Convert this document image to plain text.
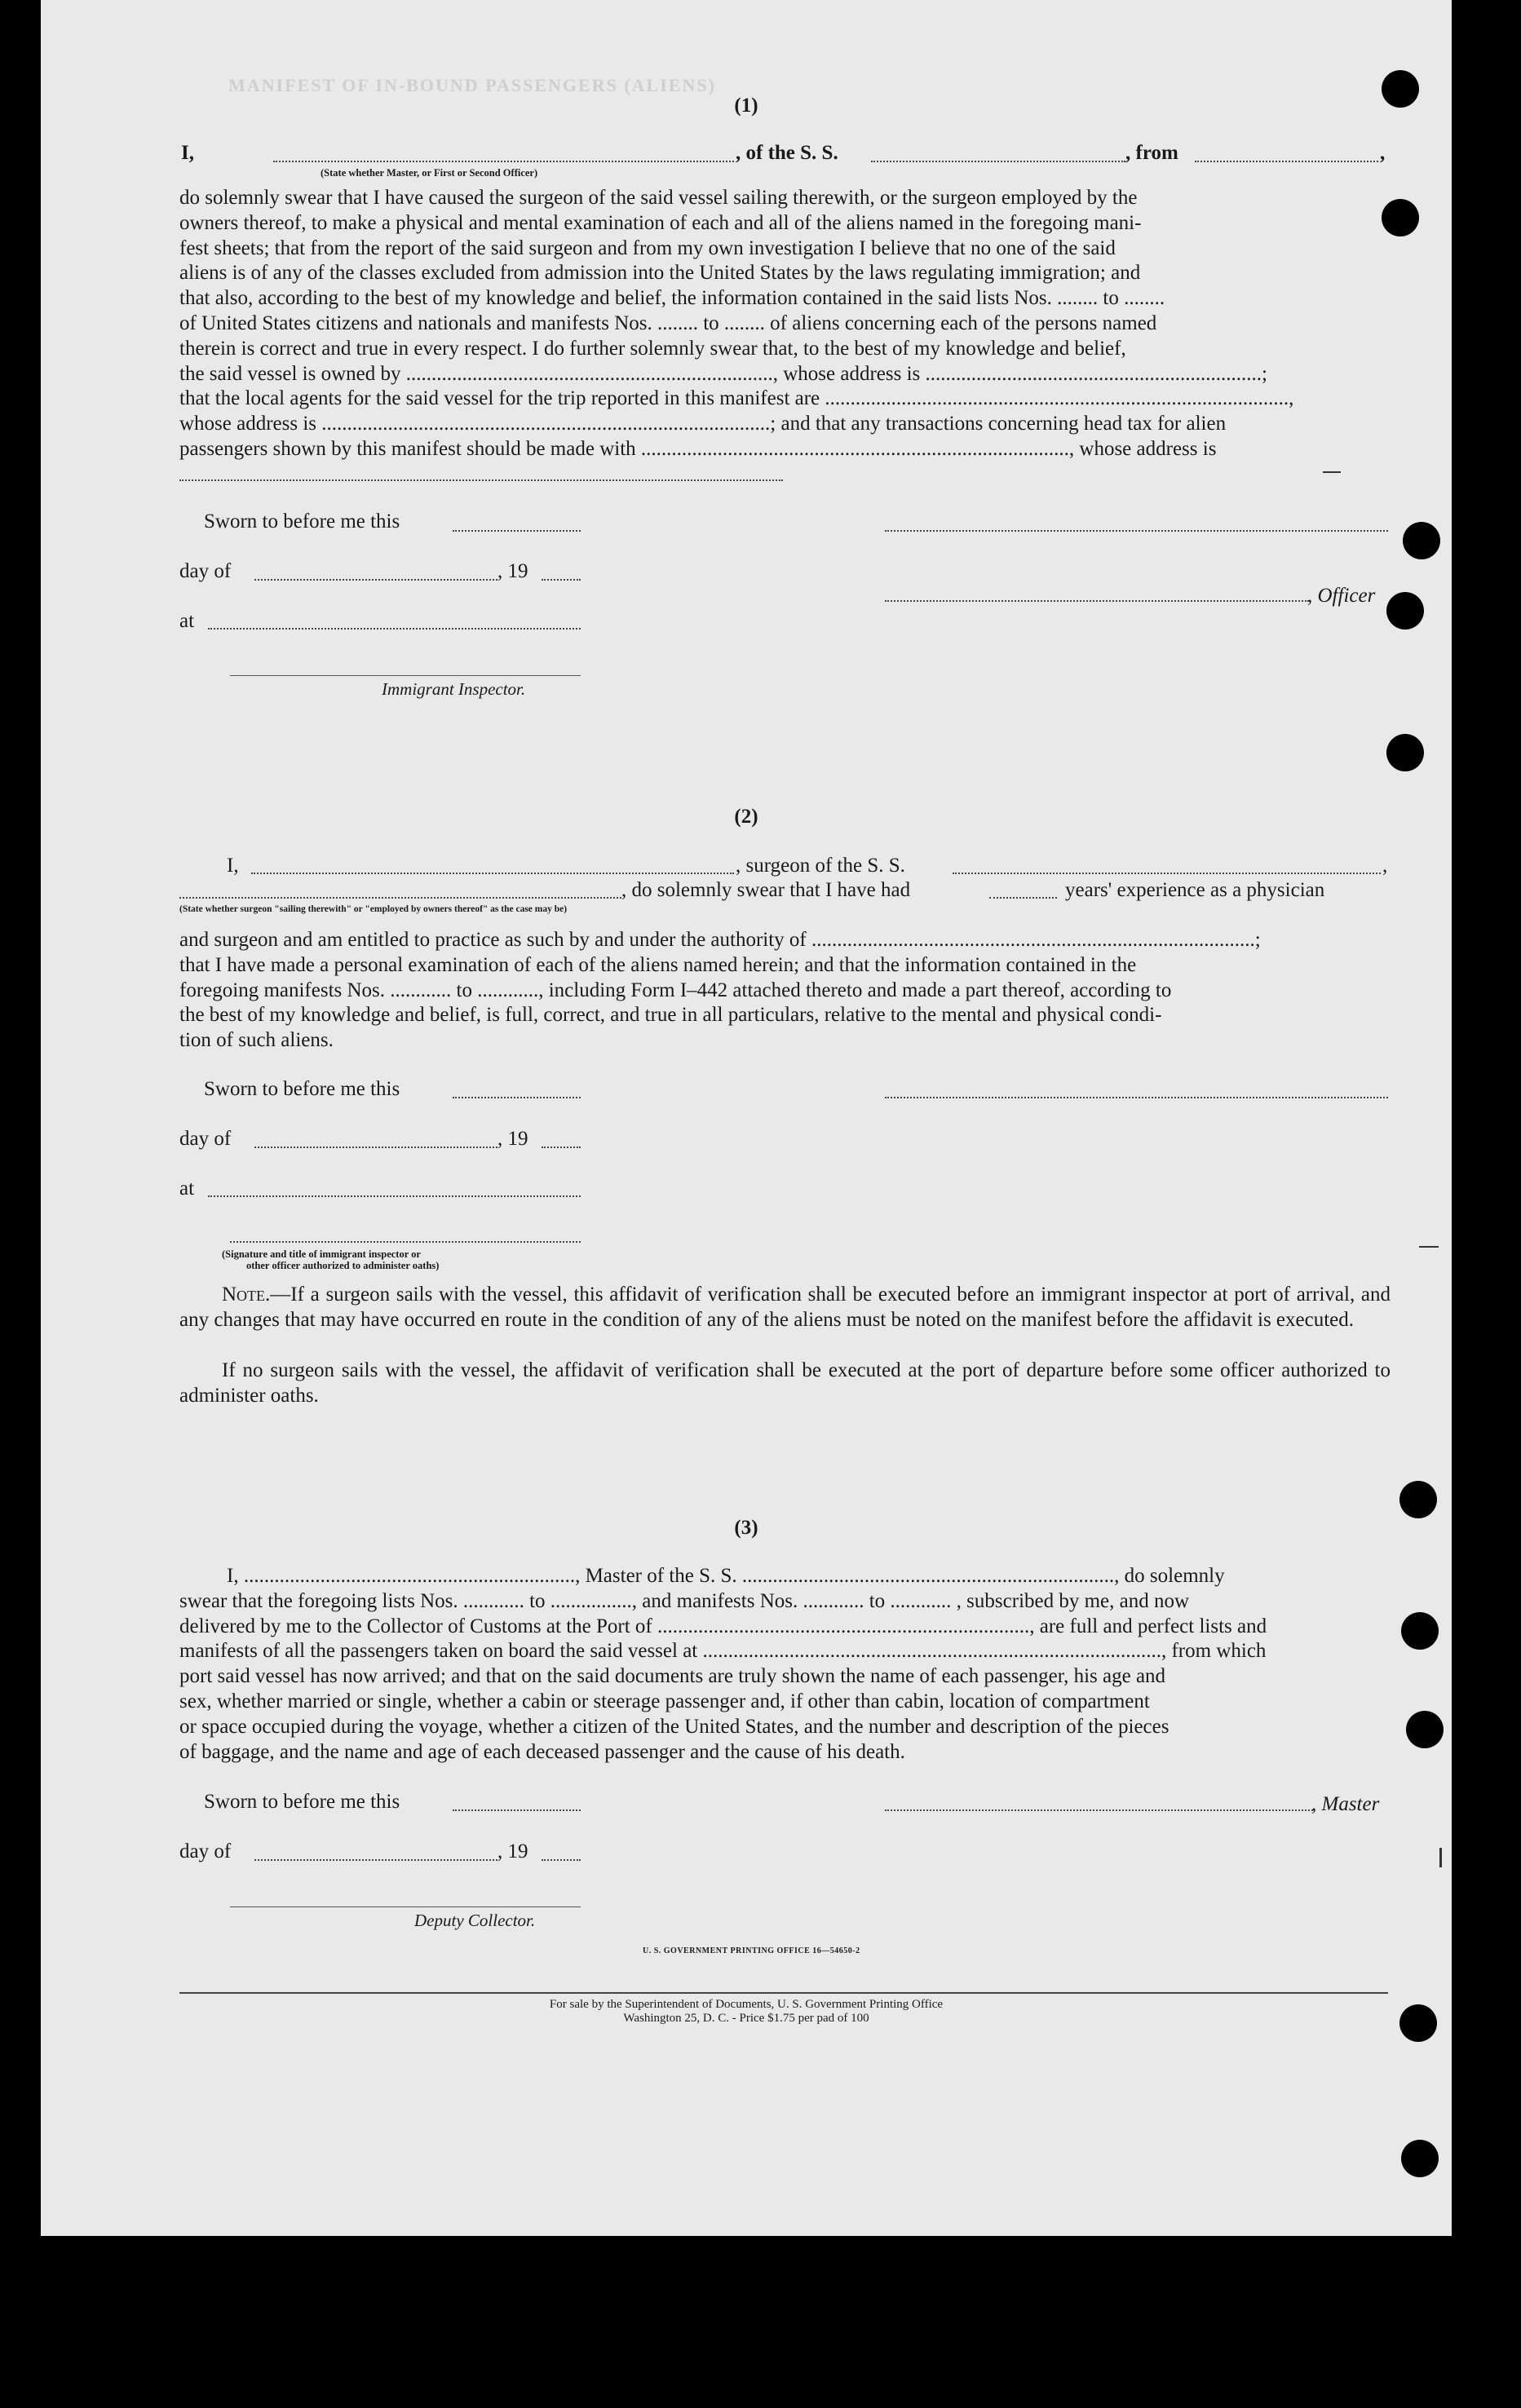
MANIFEST OF IN-BOUND PASSENGERS (ALIENS)
(1)
I,	, of the S. S.	, from	,
(State whether Master, or First or Second Officer)

do solemnly swear that I have caused the surgeon of the said vessel sailing therewith, or the surgeon employed by the

owners thereof, to make a physical and mental examination of each and all of the aliens named in the foregoing mani-

fest sheets; that from the report of the said surgeon and from my own investigation I believe that no one of the said

aliens is of any of the classes excluded from admission into the United States by the laws regulating immigration; and

that also, according to the best of my knowledge and belief, the information contained in the said lists Nos. ........ to ........

of United States citizens and nationals and manifests Nos. ........ to ........ of aliens concerning each of the persons named

therein is correct and true in every respect. I do further solemnly swear that, to the best of my knowledge and belief,

the said vessel is owned by ........................................................................, whose address is ..................................................................;

that the local agents for the said vessel for the trip reported in this manifest are ...........................................................................................,

whose address is ........................................................................................; and that any transactions concerning head tax for alien

passengers shown by this manifest should be made with ...................................................................................., whose address is

Sworn to before me this
day of	, 19
, Officer
at
Immigrant Inspector.
(2)
I,	, surgeon of the S. S.	,
, do solemnly swear that I have had	years' experience as a physician
(State whether surgeon "sailing therewith" or "employed by owners thereof" as the case may be)

and surgeon and am entitled to practice as such by and under the authority of .......................................................................................;

that I have made a personal examination of each of the aliens named herein; and that the information contained in the

foregoing manifests Nos. ............ to ............, including Form I–442 attached thereto and made a part thereof, according to

the best of my knowledge and belief, is full, correct, and true in all particulars, relative to the mental and physical condi-

tion of such aliens.

Sworn to before me this
day of	, 19
at
(Signature and title of immigrant inspector or
other officer authorized to administer oaths)
Note.—If a surgeon sails with the vessel, this affidavit of verification shall be executed before an immigrant inspector at port of arrival, and any changes that may have occurred en route in the condition of any of the aliens must be noted on the manifest before the affidavit is executed.
If no surgeon sails with the vessel, the affidavit of verification shall be executed at the port of departure before some officer authorized to administer oaths.
(3)

I, ................................................................., Master of the S. S. ........................................................................., do solemnly

swear that the foregoing lists Nos. ............ to ................, and manifests Nos. ............ to ............ , subscribed by me, and now

delivered by me to the Collector of Customs at the Port of ........................................................................., are full and perfect lists and

manifests of all the passengers taken on board the said vessel at .........................................................................................., from which

port said vessel has now arrived; and that on the said documents are truly shown the name of each passenger, his age and

sex, whether married or single, whether a cabin or steerage passenger and, if other than cabin, location of compartment

or space occupied during the voyage, whether a citizen of the United States, and the number and description of the pieces

of baggage, and the name and age of each deceased passenger and the cause of his death.

Sworn to before me this	, Master
day of	, 19
Deputy Collector.
U. S. GOVERNMENT PRINTING OFFICE 16—54650-2
For sale by the Superintendent of Documents, U. S. Government Printing Office
Washington 25, D. C. - Price $1.75 per pad of 100
